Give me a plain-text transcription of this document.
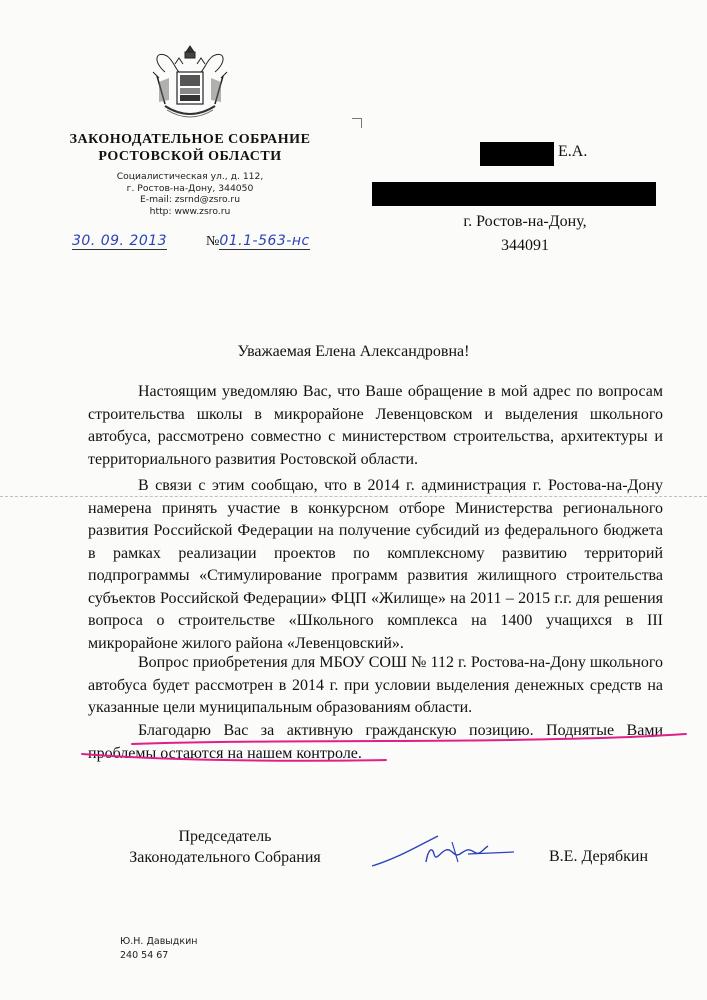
ЗАКОНОДАТЕЛЬНОЕ СОБРАНИЕ
РОСТОВСКОЙ ОБЛАСТИ
Социалистическая ул., д. 112,
г. Ростов-на-Дону, 344050
E-mail: zsrnd@zsro.ru
http: www.zsro.ru
30. 09. 2013	№01.1-563-нс
Е.А.
г. Ростов-на-Дону,
344091
Уважаемая Елена Александровна!
Настоящим уведомляю Вас, что Ваше обращение в мой адрес по вопросам строительства школы в микрорайоне Левенцовском и выделения школьного автобуса, рассмотрено совместно с министерством строительства, архитектуры и территориального развития Ростовской области.
В связи с этим сообщаю, что в 2014 г. администрация г. Ростова-на-Дону намерена принять участие в конкурсном отборе Министерства регионального развития Российской Федерации на получение субсидий из федерального бюджета в рамках реализации проектов по комплексному развитию территорий подпрограммы «Стимулирование программ развития жилищного строительства субъектов Российской Федерации» ФЦП «Жилище» на 2011 – 2015 г.г. для решения вопроса о строительстве «Школьного комплекса на 1400 учащихся в III микрорайоне жилого района «Левенцовский».
Вопрос приобретения для МБОУ СОШ № 112 г. Ростова-на-Дону школьного автобуса будет рассмотрен в 2014 г. при условии выделения денежных средств на указанные цели муниципальным образованиям области.
Благодарю Вас за активную гражданскую позицию. Поднятые Вами проблемы остаются на нашем контроле.
Председатель
Законодательного Собрания	В.Е. Дерябкин
Ю.Н. Давыдкин
240 54 67
